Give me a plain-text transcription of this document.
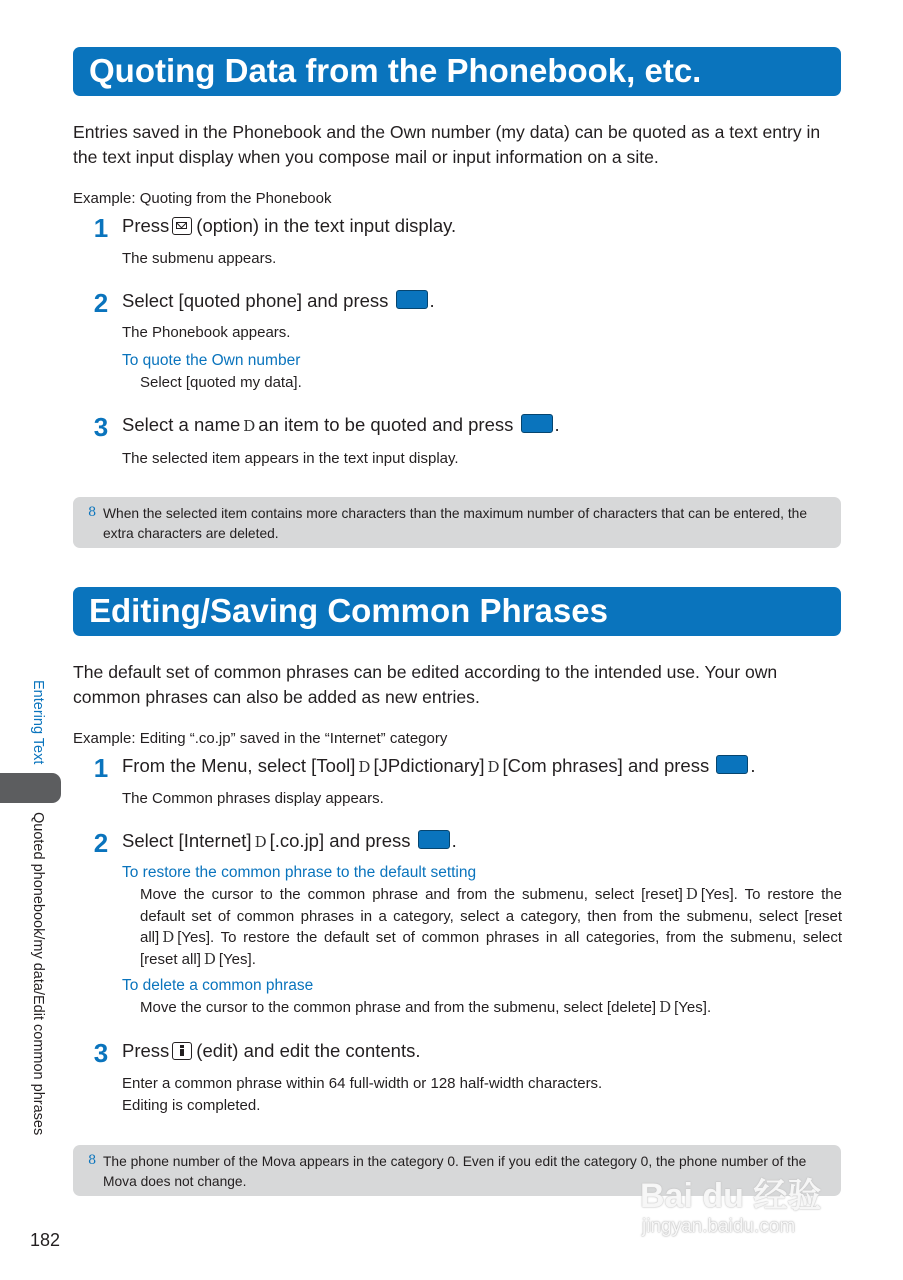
Quoting Data from the Phonebook, etc.
Entries saved in the Phonebook and the Own number (my data) can be quoted as a text entry in the text input display when you compose mail or input information on a site.
Example: Quoting from the Phonebook
1 Press (option) in the text input display.
The submenu appears.
2 Select [quoted phone] and press .
The Phonebook appears.
To quote the Own number
Select [quoted my data].
3 Select a name D an item to be quoted and press .
The selected item appears in the text input display.
8 When the selected item contains more characters than the maximum number of characters that can be entered, the extra characters are deleted.
Editing/Saving Common Phrases
The default set of common phrases can be edited according to the intended use. Your own common phrases can also be added as new entries.
Example: Editing “.co.jp” saved in the “Internet” category
1 From the Menu, select [Tool] D [JPdictionary] D [Com phrases] and press .
The Common phrases display appears.
2 Select [Internet] D [.co.jp] and press .
To restore the common phrase to the default setting
Move the cursor to the common phrase and from the submenu, select [reset] D [Yes]. To restore the default set of common phrases in a category, select a category, then from the submenu, select [reset all] D [Yes]. To restore the default set of common phrases in all categories, from the submenu, select [reset all] D [Yes].
To delete a common phrase
Move the cursor to the common phrase and from the submenu, select [delete] D [Yes].
3 Press (edit) and edit the contents.
Enter a common phrase within 64 full-width or 128 half-width characters.
Editing is completed.
8 The phone number of the Mova appears in the category 0. Even if you edit the category 0, the phone number of the Mova does not change.
Entering Text
Quoted phonebook/my data/Edit common phrases
182
Bai du 经验
jingyan.baidu.com
